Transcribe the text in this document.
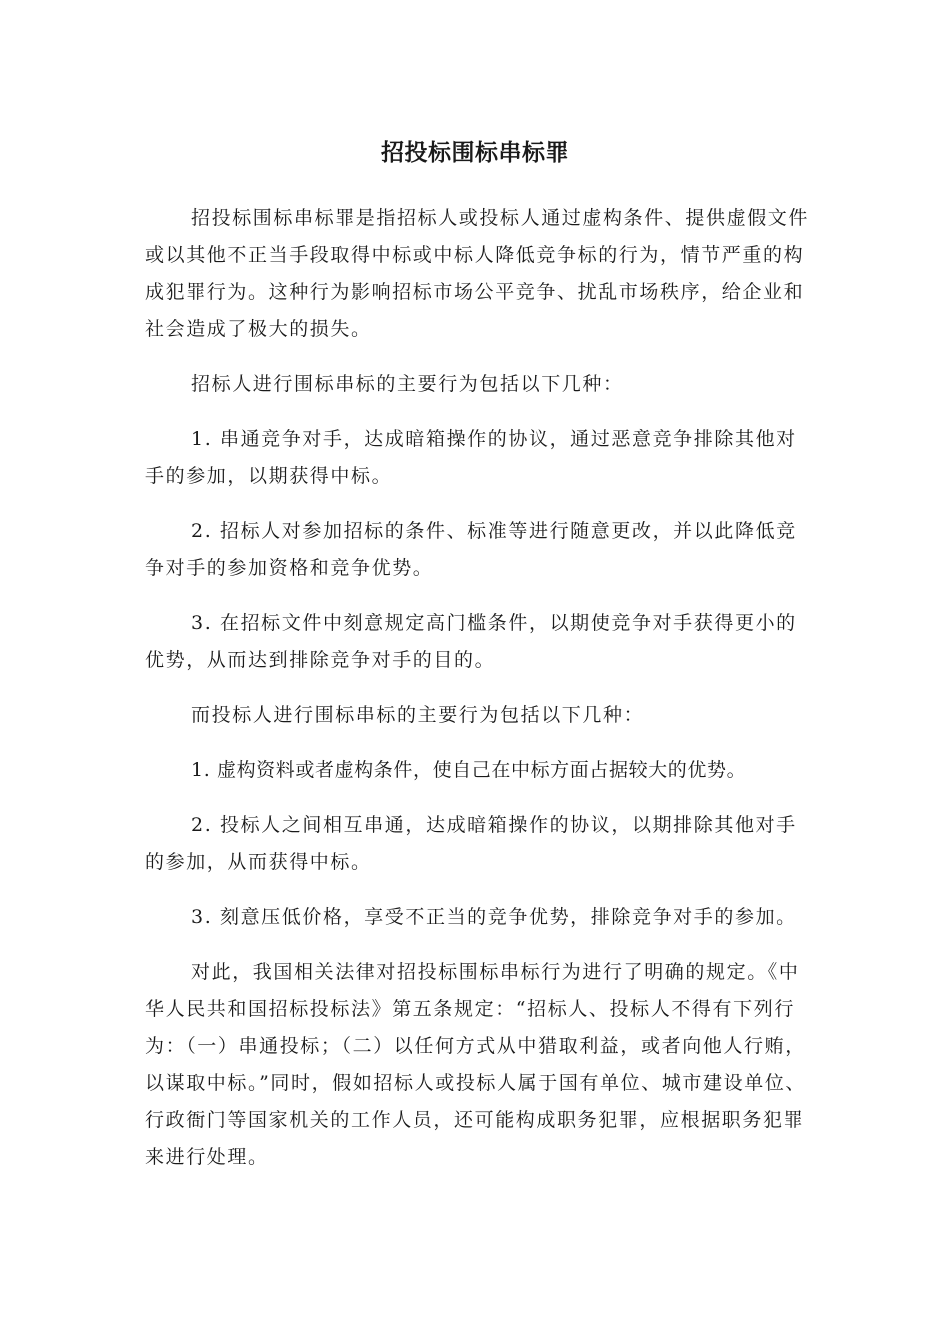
招投标围标串标罪

招投标围标串标罪是指招标人或投标人通过虚构条件、提供虚假文件或以其他不正当手段取得中标或中标人降低竞争标的行为，情节严重的构成犯罪行为。这种行为影响招标市场公平竞争、扰乱市场秩序，给企业和社会造成了极大的损失。

招标人进行围标串标的主要行为包括以下几种：

1. 串通竞争对手，达成暗箱操作的协议，通过恶意竞争排除其他对手的参加，以期获得中标。

2. 招标人对参加招标的条件、标准等进行随意更改，并以此降低竞争对手的参加资格和竞争优势。

3. 在招标文件中刻意规定高门槛条件，以期使竞争对手获得更小的优势，从而达到排除竞争对手的目的。

而投标人进行围标串标的主要行为包括以下几种：

1. 虚构资料或者虚构条件，使自己在中标方面占据较大的优势。

2. 投标人之间相互串通，达成暗箱操作的协议，以期排除其他对手的参加，从而获得中标。

3. 刻意压低价格，享受不正当的竞争优势，排除竞争对手的参加。

对此，我国相关法律对招投标围标串标行为进行了明确的规定。《中华人民共和国招标投标法》第五条规定：“招标人、投标人不得有下列行为：（一）串通投标；（二）以任何方式从中猎取利益，或者向他人行贿，以谋取中标。”同时，假如招标人或投标人属于国有单位、城市建设单位、行政衙门等国家机关的工作人员，还可能构成职务犯罪，应根据职务犯罪来进行处理。
